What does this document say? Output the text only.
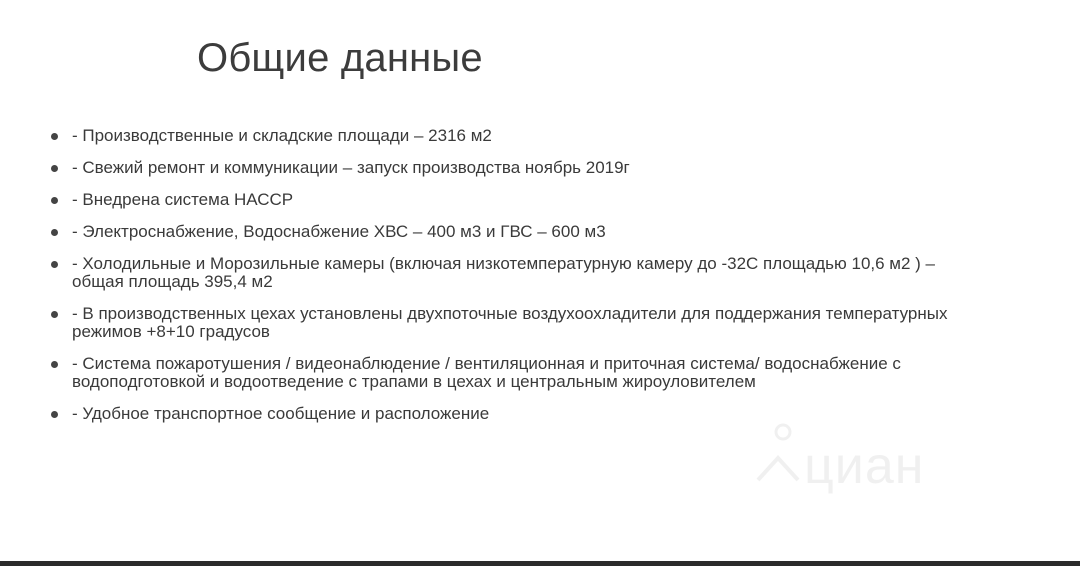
Общие данные
- Производственные и складские площади – 2316 м2
- Свежий ремонт и коммуникации – запуск производства ноябрь 2019г
- Внедрена система НАССР
- Электроснабжение, Водоснабжение ХВС – 400 м3 и ГВС – 600 м3
- Холодильные и Морозильные камеры (включая низкотемпературную камеру до -32С площадью 10,6 м2 ) – общая площадь 395,4 м2
- В производственных цехах установлены двухпоточные воздухоохладители для поддержания температурных режимов +8+10 градусов
- Система пожаротушения / видеонаблюдение / вентиляционная и приточная система/ водоснабжение с водоподготовкой и водоотведение с трапами в цехах и центральным жироуловителем
- Удобное транспортное сообщение и расположение
циан
